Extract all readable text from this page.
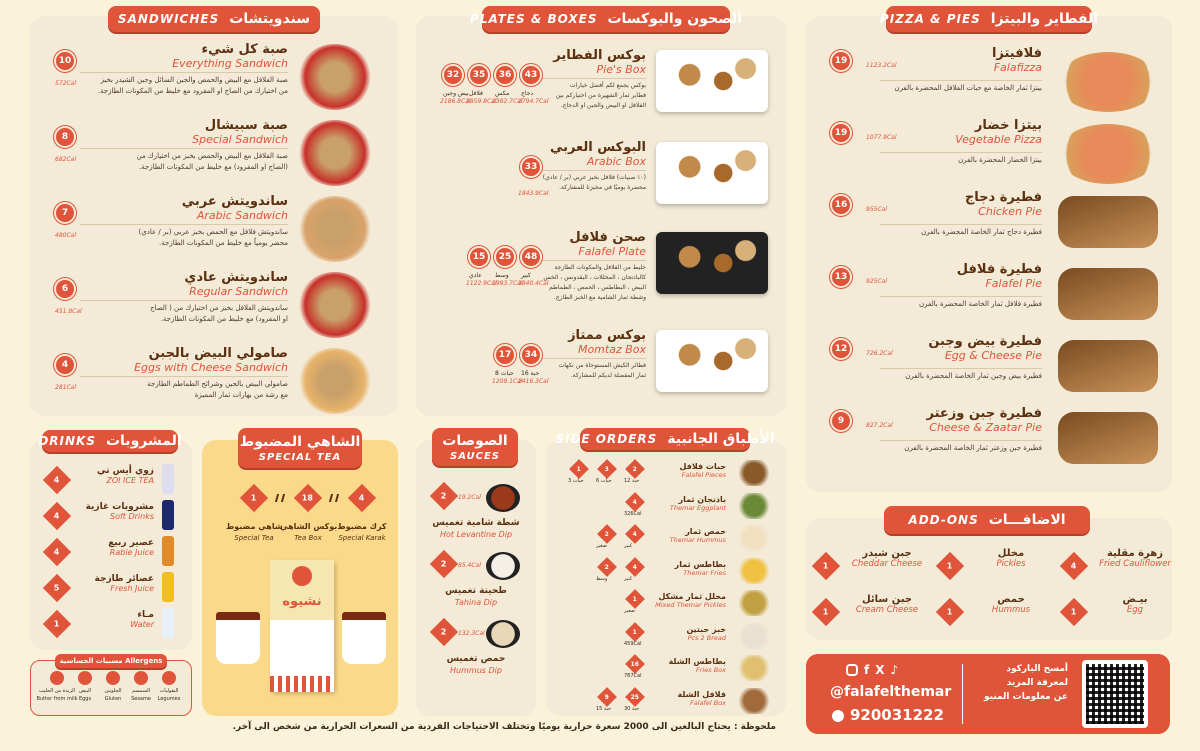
SANDWICHES سندويتشات
10
572Cal
صبة كل شيء
Everything Sandwich
صبة الفلافل مع البيض والحمص والجبن السائل وجبن الشيدر بخبز
من اختيارك من الصاج او المفرود مع خليط من المكونات الطازجة.
8
682Cal
صبة سبيشال
Special Sandwich
صبة الفلافل مع البيض والحمص بخبز من اختيارك من
(الصاج او المفرود) مع خليط من المكونات الطازجة.
7
480Cal
ساندويتش عربي
Arabic Sandwich
ساندويتش فلافل مع الحمص بخبز عربي (بر / عادي)
محضر يومياً مع خليط من المكونات الطازجة.
6
451.8Cal
ساندويتش عادي
Regular Sandwich
ساندويتش الفلافل بخبز من اختيارك من ( الصاج
او المفرود) مع خليط من المكونات الطازجة.
4
281Cal
صامولي البيض بالجبن
Eggs with Cheese Sandwich
صامولي البيض بالجبن وشرائح الطماطم الطازجة
مع رشة من بهارات ثمار المميزة
PLATES & BOXES الصحون والبوكسات
بوكس الفطاير
Pie's Box
بوكس يجمع لكم أفضل خيارات
فطاير ثمار الشهيرة من اختياركم بين
الفلافل او البيض والجبن او الدجاج.
43
دجاج
2794.7Cal
36
مكس
2382.7Cal
35
فلافل
3859.8Cal
32
بيض وجبن
2186.8Cal
البوكس العربي
Arabic Box
(١٠ صبيات) فلافل بخبز عربي (بر / عادي)
محضرة يوميًا في مخبزنا للمشاركة.
33
1843.9Cal
صحن فلافل
Falafel Plate
خليط من الفلافل والمكونات الطازجة
كالباذنجان ، المخللات ، البقدونس ، الخس
البيض ، البطاطس ، الحمص ، الطماطم
وشطة ثمار الشامية مع الخبز الطازج.
48
كبير
3840.4Cal
25
وسط
1993.7Cal
15
عادي
1122.9Cal
بوكس ممتاز
Momtaz Box
فطائر الكيش المستوحاة من نكهات
ثمار المفضلة لديكم للمشاركة.
34
16 حبة
2416.3Cal
17
8 حبات
1208.1Cal
PIZZA & PIES الفطاير والبيتزا
19	1123.2Cal
فلافيتزا
Falafizza
بيتزا ثمار الخاصة مع حبات الفلافل المحضرة بالفرن
19	1077.9Cal
بيتزا خضار
Vegetable Pizza
بيتزا الخضار المحضرة بالفرن
16	955Cal
فطيرة دجاج
Chicken Pie
فطيرة دجاج ثمار الخاصة المحضرة بالفرن
13	925Cal
فطيرة فلافل
Falafel Pie
فطيرة فلافل ثمار الخاصة المحضرة بالفرن
12	726.2Cal
فطيرة بيض وجبن
Egg & Cheese Pie
فطيرة بيض وجبن ثمار الخاصة المحضرة بالفرن
9	827.2Cal
فطيرة جبن وزعتر
Cheese & Zaatar Pie
فطيرة جبن وزعتر ثمار الخاصة المحضرة بالفرن
DRINKS المشروبات
4
زوي أيس تي
ZOI ICE TEA
4
مشروبات غازية
Soft Drinks
4
عصير ربيع
Rabie Juice
5
عصائر طازجة
Fresh Juice
1
مـاء
Water
مسببات الحساسية Allergens
البقوليات
Legumes
السمسم
Sesame
الجلوتين
Gluten
البيض
Eggs
الزبدة من الحليب
Butter from milk
الشاهي المضبوط
SPECIAL TEA
4
كرك مضبوط
Special Karak
18
بوكس الشاهي
Tea Box
1
شاهي مضبوط
Special Tea
نشيوه
الصوصات
SAUCES
2 19.2Cal
شطة شامية تغميس
Hot Levantine Dip
2 85.4Cal
طحينة تغميس
Tahina Dip
2 132.3Cal
حمص تغميس
Hummus Dip
SIDE ORDERS الأطباق الجانبية
2
12 حبة
3
6 حبات
1
3 حبات
حبات فلافل
Falafel Pieces
4
326Cal
باذنجان ثمار
Themar Eggplant
4
كبير
2
صغير
حمص ثمار
Themar Hummus
4
كبير
2
وسط
بطاطس ثمار
Themar Fries
1
صغير
مخلل ثمار مشكل
Mixed Themar Pickles
1
459Cal
خبز حبتين
Pcs 2 Bread
16
787Cal
بطاطس الشلة
Fries Box
25
30 حبة
9
15 حبة
فلافل الشلة
Falafel Box
ADD-ONS الاضافـــات
4
زهرة مقلية
Fried Cauliflower
1
مخلل
Pickles
1
جبن شيدر
Cheddar Cheese
1
بيـض
Egg
1
حمص
Hummus
1
جبن سائل
Cream Cheese
f X ♪
@falafelthemar
920031222
أمسح الباركود
لمعرفة المزيد
عن معلومات المنيو
ملحوظة : يحتاج البالغين الى 2000 سعرة حرارية يوميًا وتختلف الاحتياجات الفردية من السعرات الحرارية من شخص الى آخر.
